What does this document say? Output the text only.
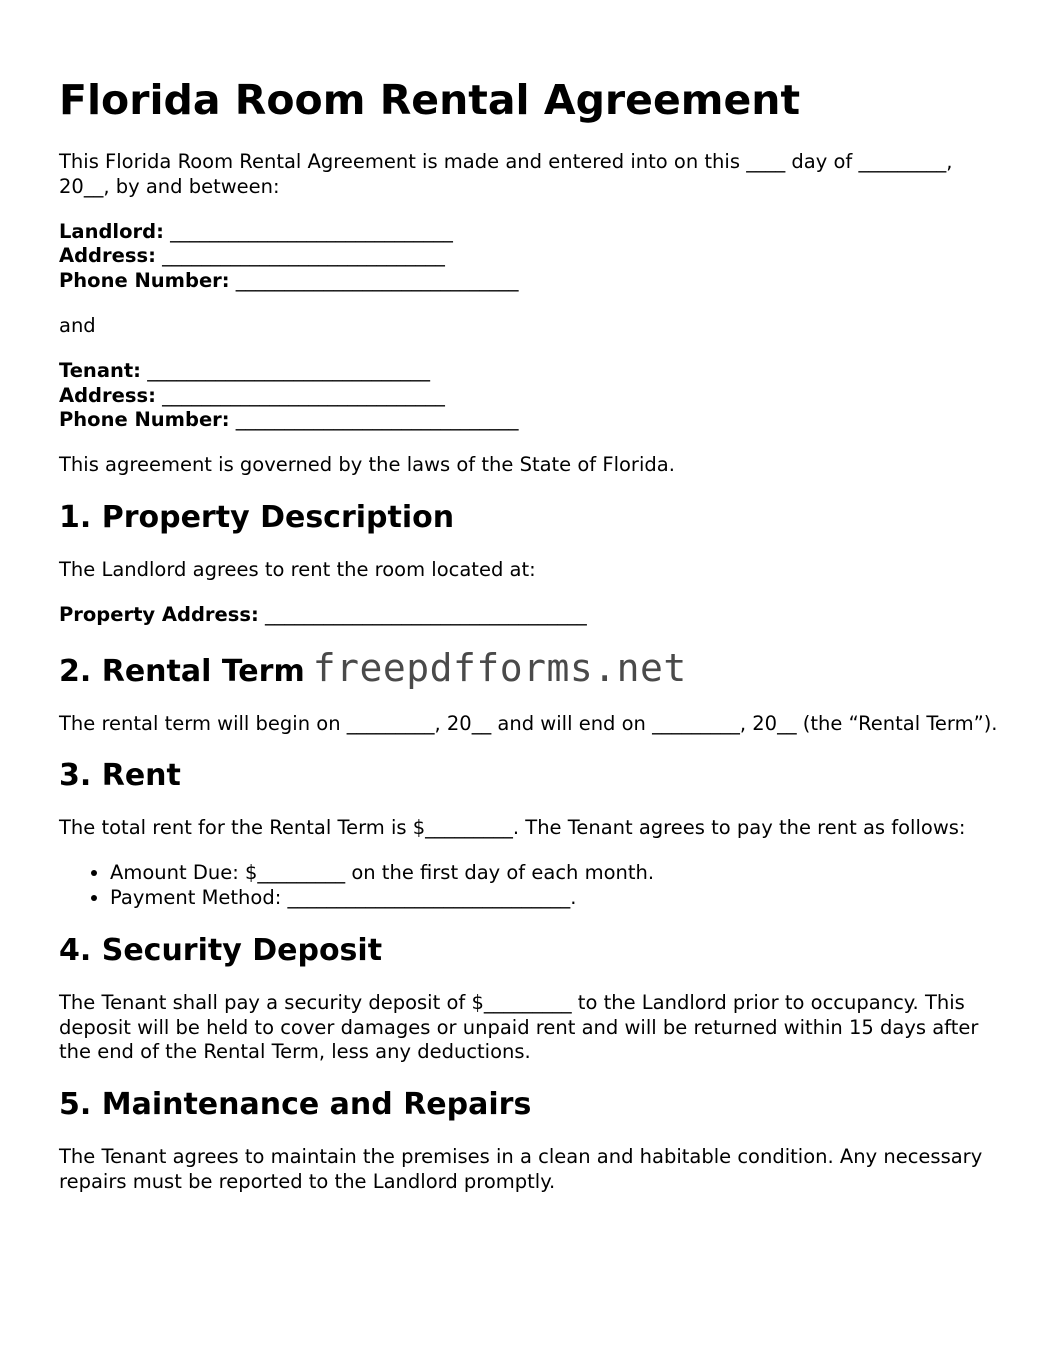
Florida Room Rental Agreement

This Florida Room Rental Agreement is made and entered into on this ____ day of _________, 20__, by and between:

Landlord: _____________________________
Address: _____________________________
Phone Number: _____________________________

and

Tenant: _____________________________
Address: _____________________________
Phone Number: _____________________________

This agreement is governed by the laws of the State of Florida.

1. Property Description

The Landlord agrees to rent the room located at:

Property Address: _________________________________
2. Rental Term freepdfforms.net

The rental term will begin on _________, 20__ and will end on _________, 20__ (the “Rental Term”).

3. Rent

The total rent for the Rental Term is $_________. The Tenant agrees to pay the rent as follows:

• Amount Due: $_________ on the first day of each month.
• Payment Method: _____________________________.
4. Security Deposit

The Tenant shall pay a security deposit of $_________ to the Landlord prior to occupancy. This deposit will be held to cover damages or unpaid rent and will be returned within 15 days after the end of the Rental Term, less any deductions.

5. Maintenance and Repairs

The Tenant agrees to maintain the premises in a clean and habitable condition. Any necessary repairs must be reported to the Landlord promptly.
